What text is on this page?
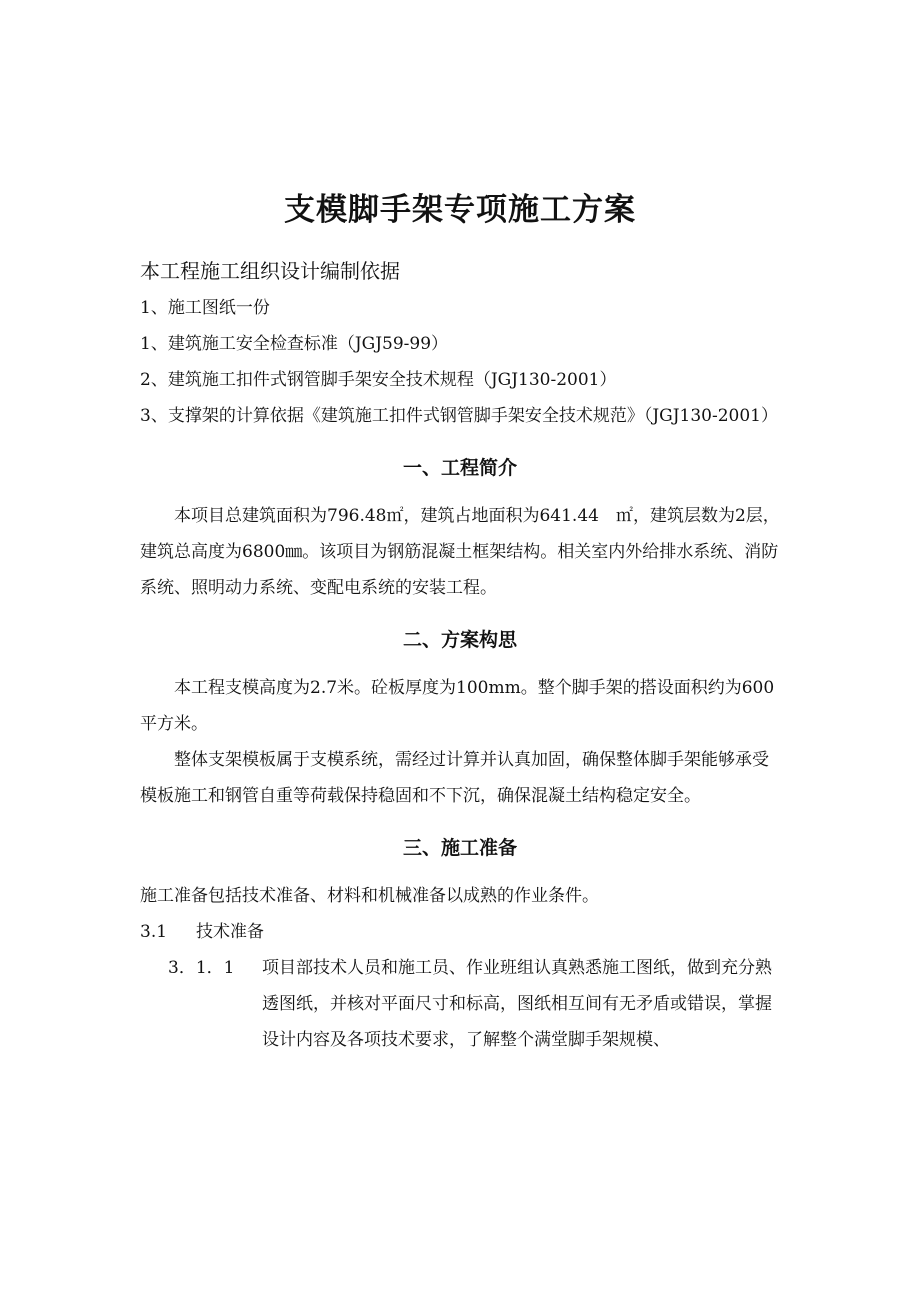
支模脚手架专项施工方案
本工程施工组织设计编制依据
1、施工图纸一份
1、建筑施工安全检查标准（JGJ59-99）
2、建筑施工扣件式钢管脚手架安全技术规程（JGJ130-2001）
3、支撑架的计算依据《建筑施工扣件式钢管脚手架安全技术规范》（JGJ130-2001）
一、工程简介

本项目总建筑面积为796.48㎡，建筑占地面积为641.44　㎡，建筑层数为2层，建筑总高度为6800㎜。该项目为钢筋混凝土框架结构。相关室内外给排水系统、消防系统、照明动力系统、变配电系统的安装工程。

二、方案构思

本工程支模高度为2.7米。砼板厚度为100mm。整个脚手架的搭设面积约为600平方米。

整体支架模板属于支模系统，需经过计算并认真加固，确保整体脚手架能够承受模板施工和钢管自重等荷载保持稳固和不下沉，确保混凝土结构稳定安全。

三、施工准备

施工准备包括技术准备、材料和机械准备以成熟的作业条件。

3.1	技术准备
3．1．1	项目部技术人员和施工员、作业班组认真熟悉施工图纸，做到充分熟透图纸，并核对平面尺寸和标高，图纸相互间有无矛盾或错误，掌握设计内容及各项技术要求，了解整个满堂脚手架规模、
